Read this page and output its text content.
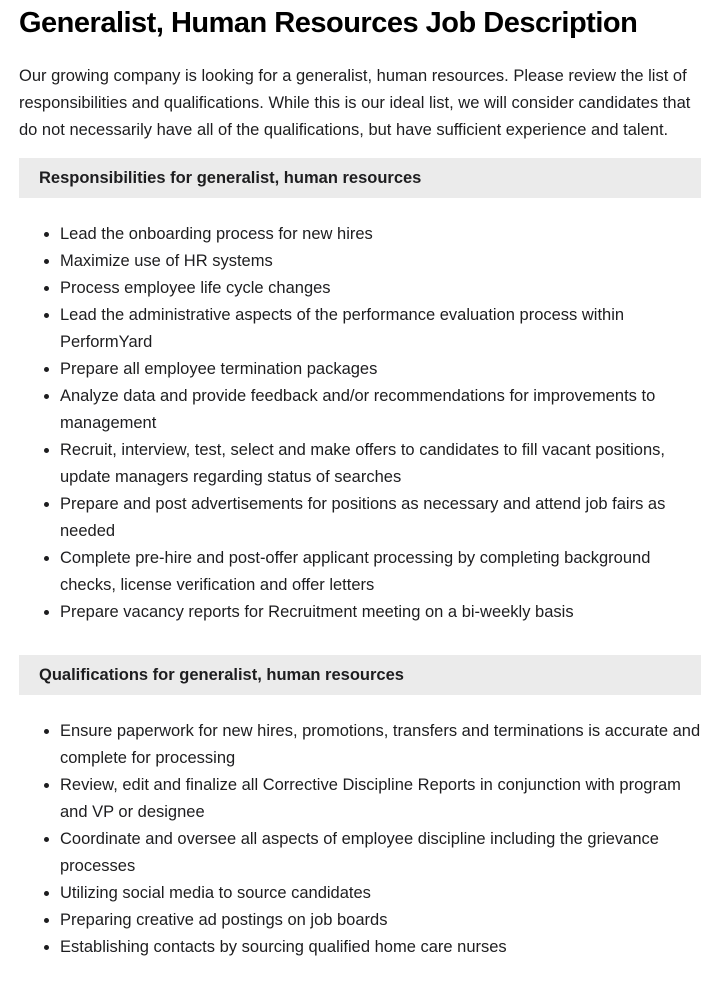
Generalist, Human Resources Job Description

Our growing company is looking for a generalist, human resources. Please review the list of responsibilities and qualifications. While this is our ideal list, we will consider candidates that do not necessarily have all of the qualifications, but have sufficient experience and talent.

Responsibilities for generalist, human resources
Lead the onboarding process for new hires
Maximize use of HR systems
Process employee life cycle changes
Lead the administrative aspects of the performance evaluation process within PerformYard
Prepare all employee termination packages
Analyze data and provide feedback and/or recommendations for improvements to management
Recruit, interview, test, select and make offers to candidates to fill vacant positions, update managers regarding status of searches
Prepare and post advertisements for positions as necessary and attend job fairs as needed
Complete pre-hire and post-offer applicant processing by completing background checks, license verification and offer letters
Prepare vacancy reports for Recruitment meeting on a bi-weekly basis
Qualifications for generalist, human resources
Ensure paperwork for new hires, promotions, transfers and terminations is accurate and complete for processing
Review, edit and finalize all Corrective Discipline Reports in conjunction with program and VP or designee
Coordinate and oversee all aspects of employee discipline including the grievance processes
Utilizing social media to source candidates
Preparing creative ad postings on job boards
Establishing contacts by sourcing qualified home care nurses
